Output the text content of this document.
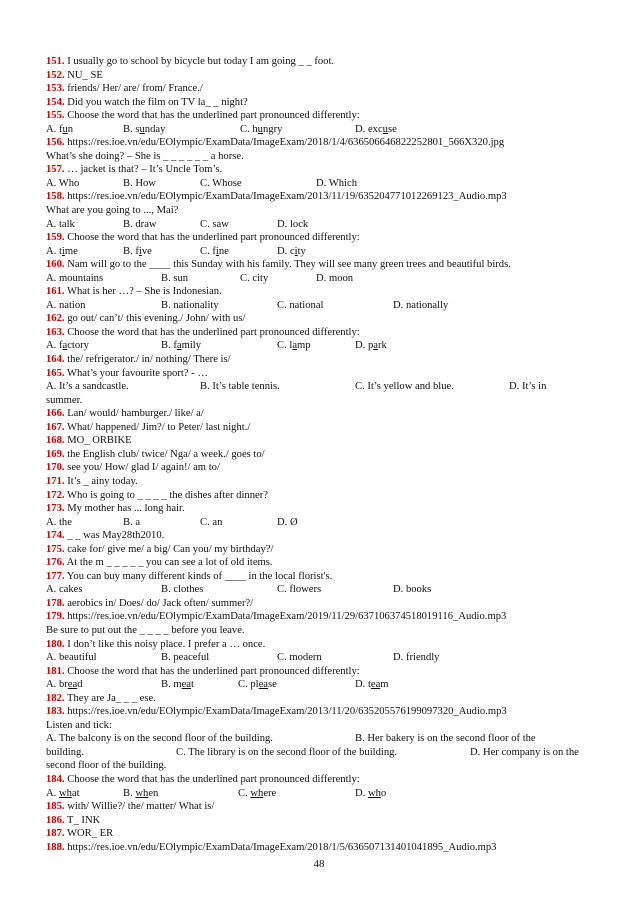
151. I usually go to school by bicycle but today I am going _ _ foot.
152. NU_ SE
153. friends/ Her/ are/ from/ France./
154. Did you watch the film on TV la_ _ night?
155. Choose the word that has the underlined part pronounced differently:
A. fun	B. sunday	C. hungry	D. excuse
156. https://res.ioe.vn/edu/EOlympic/ExamData/ImageExam/2018/1/4/636506646822252801_566X320.jpg
What’s she doing? – She is _ _ _ _ _ _ a horse.
157. … jacket is that? – It’s Uncle Tom’s.
A. Who	B. How	C. Whose	D. Which
158. https://res.ioe.vn/edu/EOlympic/ExamData/ImageExam/2013/11/19/635204771012269123_Audio.mp3
What are you going to ..., Mai?
A. talk	B. draw	C. saw	D. lock
159. Choose the word that has the underlined part pronounced differently:
A. time	B. five	C. fine	D. city
160. Nam will go to the ____ this Sunday with his family. They will see many green trees and beautiful birds.
A. mountains	B. sun	C. city	D. moon
161. What is her …? – She is Indonesian.
A. nation	B. nationality	C. national	D. nationally
162. go out/ can’t/ this evening./ John/ with us/
163. Choose the word that has the underlined part pronounced differently:
A. factory	B. family	C. lamp	D. park
164. the/ refrigerator./ in/ nothing/ There is/
165. What’s your favourite sport? - …
A. It’s a sandcastle.	B. It’s table tennis.	C. It’s yellow and blue.	D. It’s in
summer.
166. Lan/ would/ hamburger./ like/ a/
167. What/ happened/ Jim?/ to Peter/ last night./
168. MO_ ORBIKE
169. the English club/ twice/ Nga/ a week./ goes to/
170. see you/ How/ glad I/ again!/ am to/
171. It’s _ ainy today.
172. Who is going to _ _ _ _ the dishes after dinner?
173. My mother has ... long hair.
A. the	B. a	C. an	D. Ø
174. _ _ was May28th2010.
175. cake for/ give me/ a big/ Can you/ my birthday?/
176. At the m _ _ _ _ _ you can see a lot of old items.
177. You can buy many different kinds of ____ in the local florist's.
A. cakes	B. clothes	C. flowers	D. books
178. aerobics in/ Does/ do/ Jack often/ summer?/
179. https://res.ioe.vn/edu/EOlympic/ExamData/ImageExam/2019/11/29/637106374518019116_Audio.mp3
Be sure to put out the _ _ _ _ before you leave.
180. I don’t like this noisy place. I prefer a … once.
A. beautiful	B. peaceful	C. modern	D. friendly
181. Choose the word that has the underlined part pronounced differently:
A. bread	B. meat	C. please	D. team
182. They are Ja_ _ _ ese.
183. https://res.ioe.vn/edu/EOlympic/ExamData/ImageExam/2013/11/20/635205576199097320_Audio.mp3
Listen and tick:
A. The balcony is on the second floor of the building.	B. Her bakery is on the second floor of the
building.	C. The library is on the second floor of the building.	D. Her company is on the
second floor of the building.
184. Choose the word that has the underlined part pronounced differently:
A. what	B. when	C. where	D. who
185. with/ Willie?/ the/ matter/ What is/
186. T_ INK
187. WOR_ ER
188. https://res.ioe.vn/edu/EOlympic/ExamData/ImageExam/2018/1/5/636507131401041895_Audio.mp3
48
